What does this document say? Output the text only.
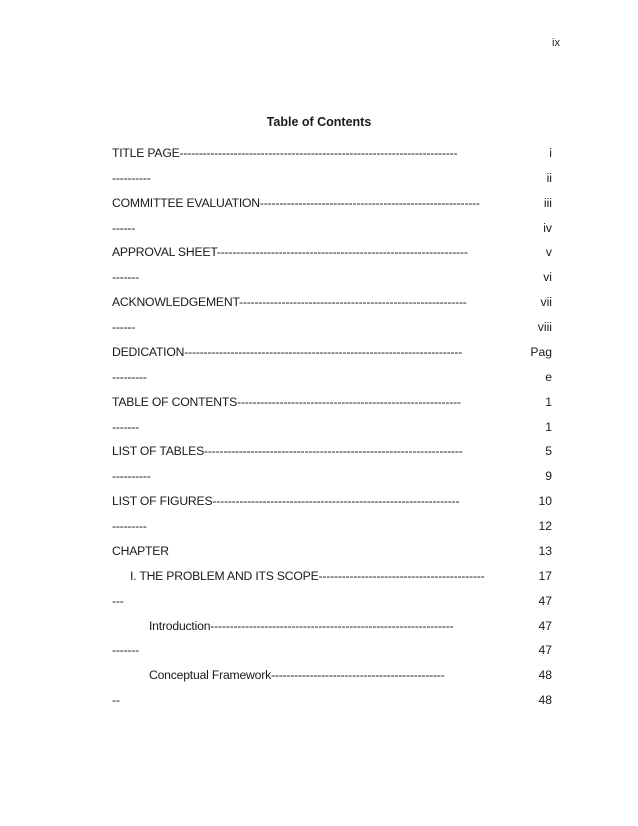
ix
Table of Contents
TITLE PAGE------------------------------------------------------------------------
----------
COMMITTEE EVALUATION---------------------------------------------------------
------
APPROVAL SHEET-----------------------------------------------------------------
-------
ACKNOWLEDGEMENT-----------------------------------------------------------
------
DEDICATION------------------------------------------------------------------------
---------
TABLE OF CONTENTS----------------------------------------------------------
-------
LIST OF TABLES-------------------------------------------------------------------
----------
LIST OF FIGURES----------------------------------------------------------------
---------
CHAPTER
I. THE PROBLEM AND ITS SCOPE-------------------------------------------
---
Introduction---------------------------------------------------------------
-------
Conceptual Framework---------------------------------------------
--
i
ii
iii
iv
v
vi
vii
viii
Pag
e
1
1
5
9
10
12
13
17
47
47
47
48
48
